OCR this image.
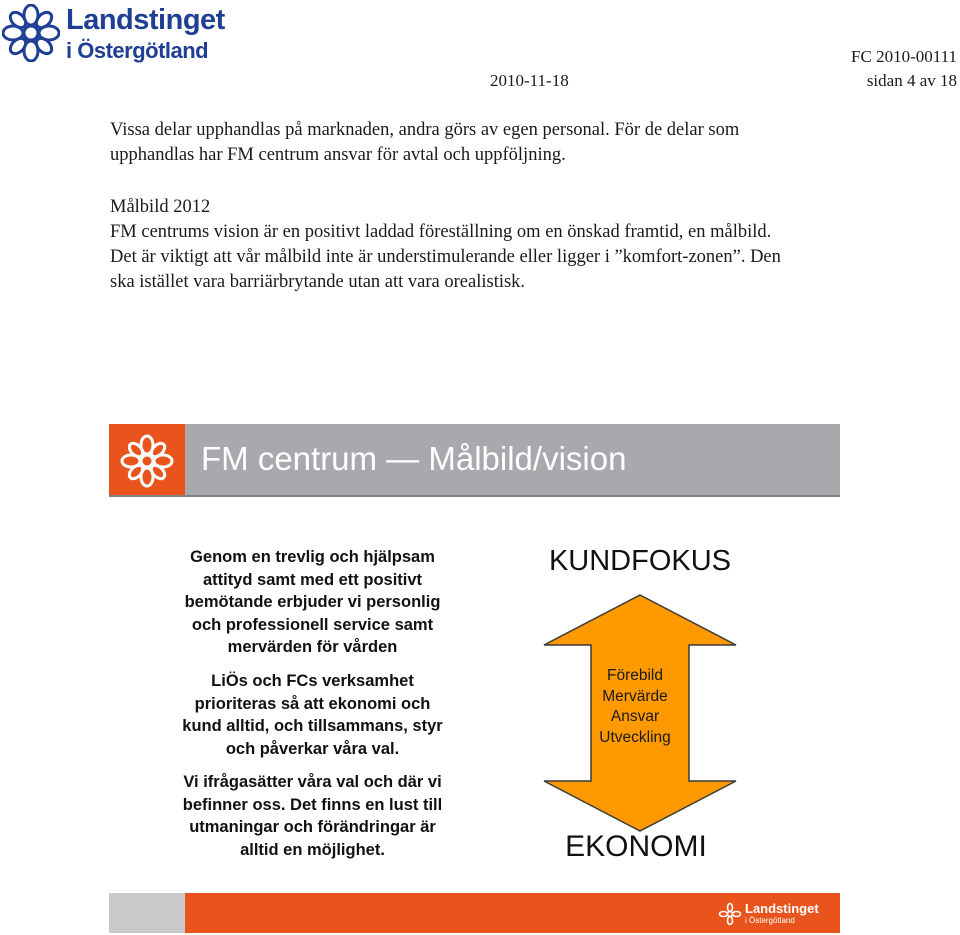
Landstinget
i Östergötland	FC 2010-00111
2010-11-18	sidan 4 av 18
Vissa delar upphandlas på marknaden, andra görs av egen personal. För de delar som
upphandlas har FM centrum ansvar för avtal och uppföljning.
Målbild 2012
FM centrums vision är en positivt laddad föreställning om en önskad framtid, en målbild.
Det är viktigt att vår målbild inte är understimulerande eller ligger i ”komfort-zonen”. Den
ska istället vara barriärbrytande utan att vara orealistisk.
FM centrum — Målbild/vision
Genom en trevlig och hjälpsam
attityd samt med ett positivt
bemötande erbjuder vi personlig
och professionell service samt
mervärden för vården
LiÖs och FCs verksamhet
prioriteras så att ekonomi och
kund alltid, och tillsammans, styr
och påverkar våra val.
Vi ifrågasätter våra val och där vi
befinner oss. Det finns en lust till
utmaningar och förändringar är
alltid en möjlighet.
KUNDFOKUS
Förebild
Mervärde
Ansvar
Utveckling
EKONOMI
Landstinget
i Östergötland
